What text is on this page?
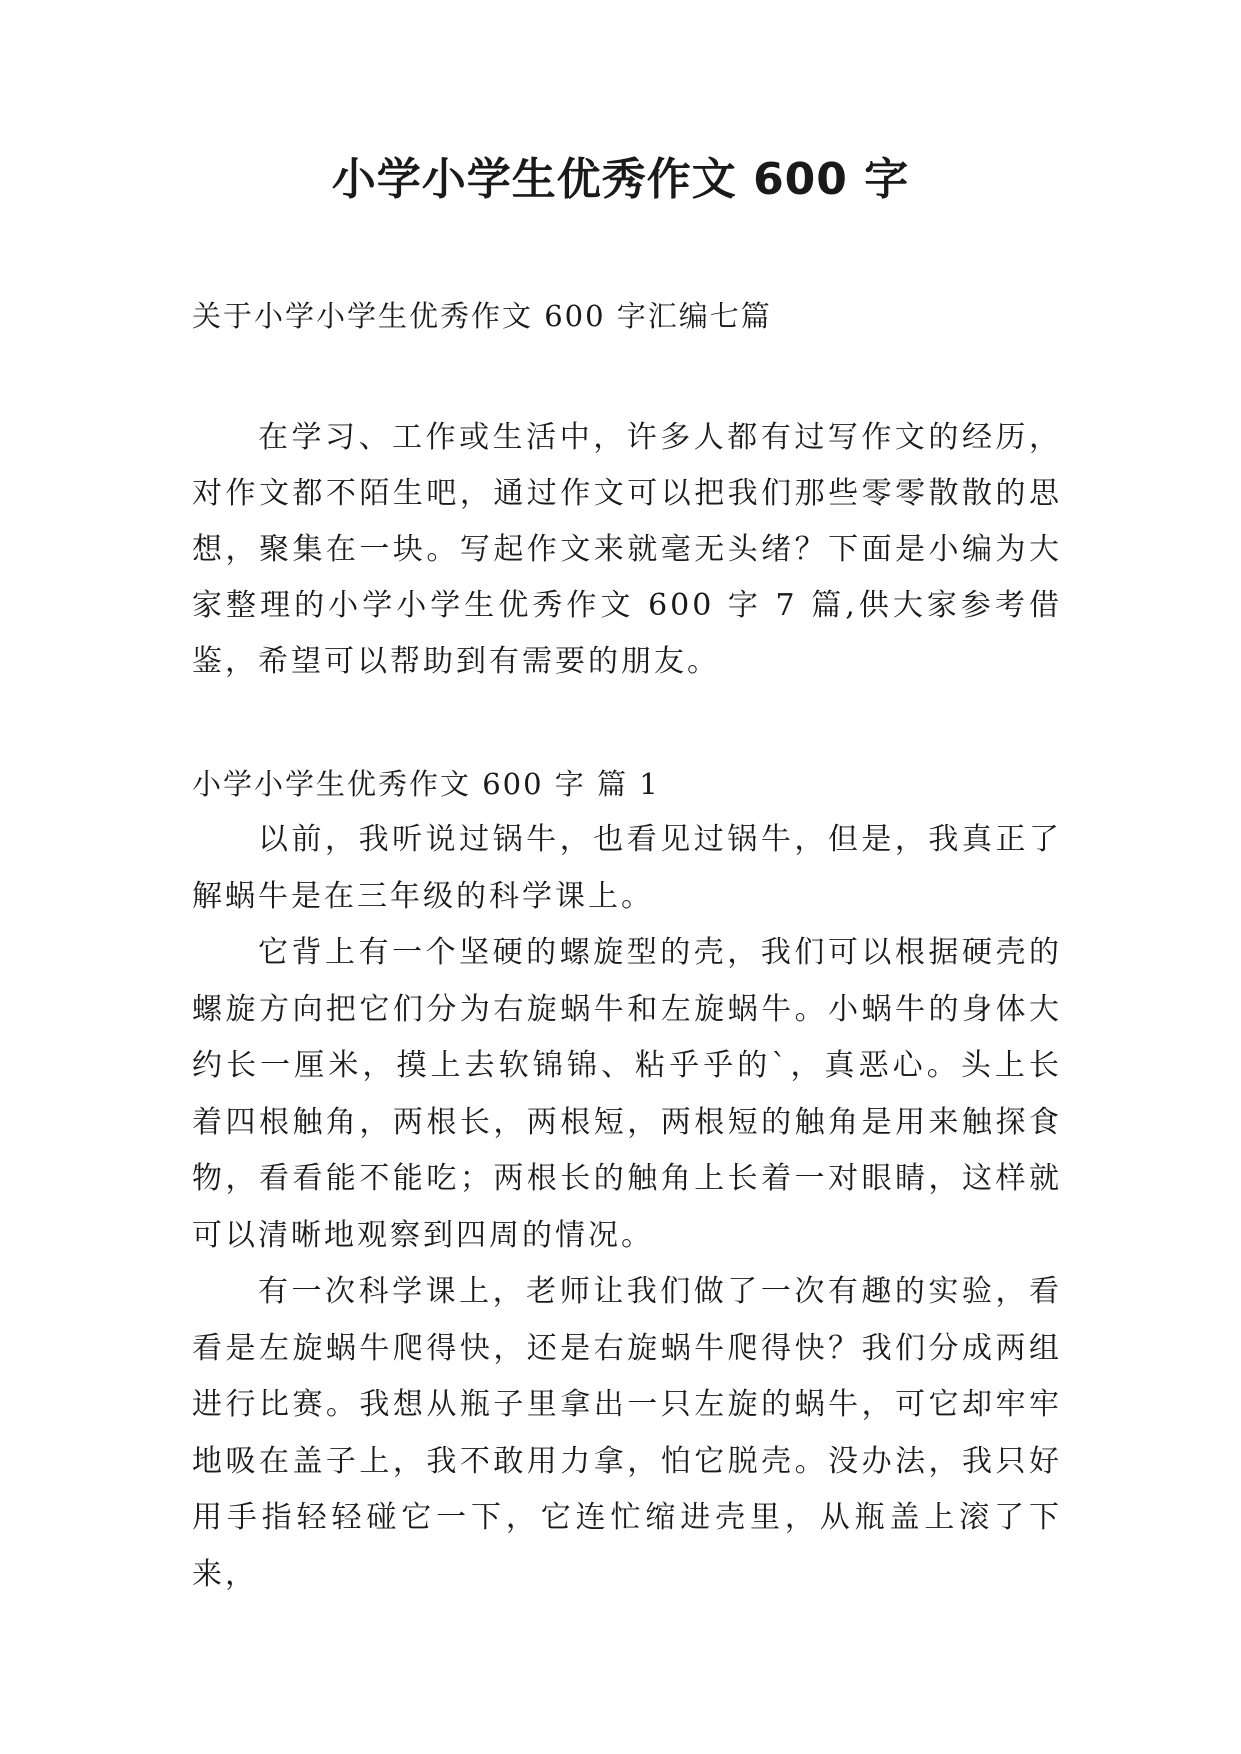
小学小学生优秀作文 600 字

关于小学小学生优秀作文 600 字汇编七篇

在学习、工作或生活中，许多人都有过写作文的经历，对作文都不陌生吧，通过作文可以把我们那些零零散散的思想，聚集在一块。写起作文来就毫无头绪？下面是小编为大家整理的小学小学生优秀作文 600 字 7 篇,供大家参考借鉴，希望可以帮助到有需要的朋友。

小学小学生优秀作文 600 字 篇 1

以前，我听说过锅牛，也看见过锅牛，但是，我真正了解蜗牛是在三年级的科学课上。

它背上有一个坚硬的螺旋型的壳，我们可以根据硬壳的螺旋方向把它们分为右旋蜗牛和左旋蜗牛。小蜗牛的身体大约长一厘米，摸上去软锦锦、粘乎乎的`，真恶心。头上长着四根触角，两根长，两根短，两根短的触角是用来触探食物，看看能不能吃；两根长的触角上长着一对眼睛，这样就可以清晰地观察到四周的情况。

有一次科学课上，老师让我们做了一次有趣的实验，看看是左旋蜗牛爬得快，还是右旋蜗牛爬得快？我们分成两组进行比赛。我想从瓶子里拿出一只左旋的蜗牛，可它却牢牢地吸在盖子上，我不敢用力拿，怕它脱壳。没办法，我只好用手指轻轻碰它一下，它连忙缩进壳里，从瓶盖上滚了下来，
